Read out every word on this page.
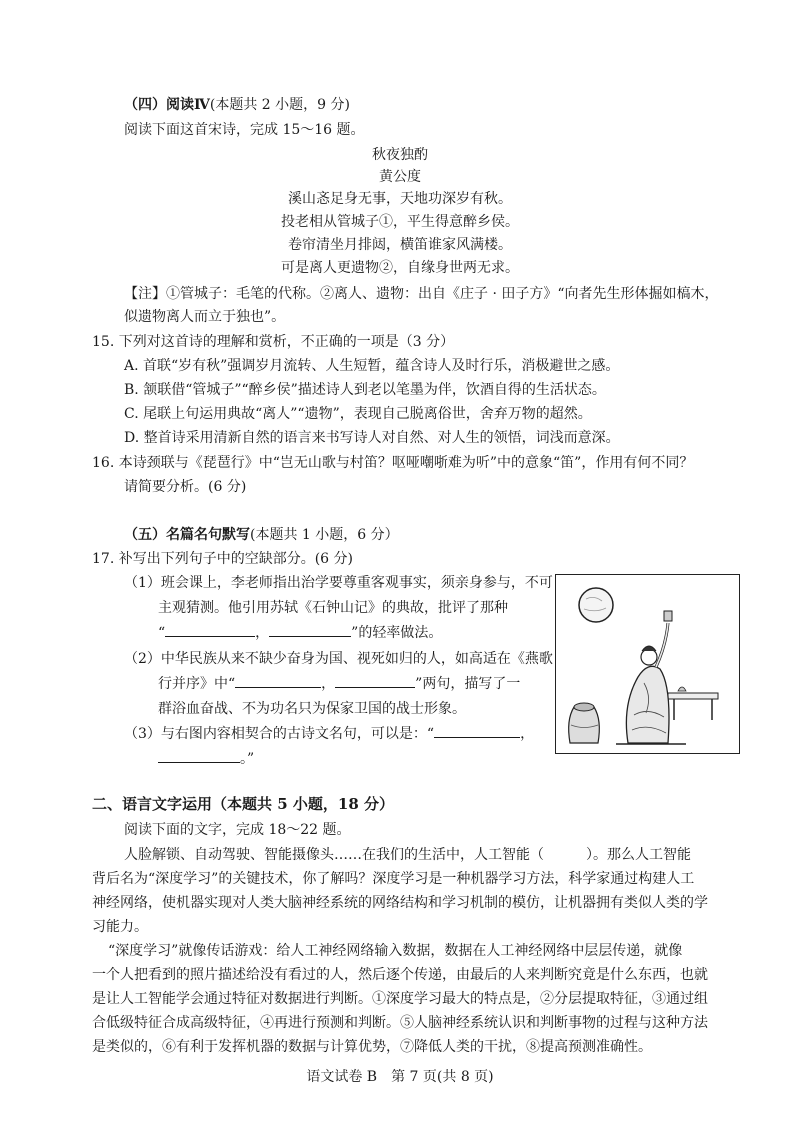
（四）阅读Ⅳ(本题共 2 小题，9 分)
阅读下面这首宋诗，完成 15～16 题。
秋夜独酌
黄公度
溪山忞足身无事，天地功深岁有秋。
投老相从管城子①，平生得意醉乡侯。
卷帘清坐月排闼，横笛谁家风满楼。
可是离人更遗物②，自缘身世两无求。
【注】①管城子：毛笔的代称。②离人、遗物：出自《庄子 · 田子方》“向者先生形体掘如槁木，
似遗物离人而立于独也”。
15. 下列对这首诗的理解和赏析，不正确的一项是（3 分）
A. 首联“岁有秋”强调岁月流转、人生短暂，蕴含诗人及时行乐，消极避世之感。
B. 颔联借“管城子”“醉乡侯”描述诗人到老以笔墨为伴，饮酒自得的生活状态。
C. 尾联上句运用典故“离人”“遗物”，表现自己脱离俗世，舍弃万物的超然。
D. 整首诗采用清新自然的语言来书写诗人对自然、对人生的领悟，词浅而意深。
16. 本诗颈联与《琵琶行》中“岂无山歌与村笛？呕哑嘲哳难为听”中的意象“笛”，作用有何不同？
请简要分析。(6 分)
（五）名篇名句默写(本题共 1 小题，6 分）
17. 补写出下列句子中的空缺部分。(6 分)
（1）班会课上，李老师指出治学要尊重客观事实，须亲身参与，不可
主观猜测。他引用苏轼《石钟山记》的典故，批评了那种
“	，	”的轻率做法。
（2）中华民族从来不缺少奋身为国、视死如归的人，如高适在《燕歌
行并序》中“	，	”两句，描写了一
群浴血奋战、不为功名只为保家卫国的战士形象。
（3）与右图内容相契合的古诗文名句，可以是：“	，
。”
二、语言文字运用（本题共 5 小题，18 分）
阅读下面的文字，完成 18～22 题。
人脸解锁、自动驾驶、智能摄像头……在我们的生活中，人工智能（　　　）。那么人工智能
背后名为“深度学习”的关键技术，你了解吗？深度学习是一种机器学习方法，科学家通过构建人工
神经网络，使机器实现对人类大脑神经系统的网络结构和学习机制的模仿，让机器拥有类似人类的学
习能力。
“深度学习”就像传话游戏：给人工神经网络输入数据，数据在人工神经网络中层层传递，就像
一个人把看到的照片描述给没有看过的人，然后逐个传递，由最后的人来判断究竟是什么东西，也就
是让人工智能学会通过特征对数据进行判断。①深度学习最大的特点是，②分层提取特征，③通过组
合低级特征合成高级特征，④再进行预测和判断。⑤人脑神经系统认识和判断事物的过程与这种方法
是类似的，⑥有利于发挥机器的数据与计算优势，⑦降低人类的干扰，⑧提高预测准确性。
语文试卷 B　第 7 页(共 8 页)
